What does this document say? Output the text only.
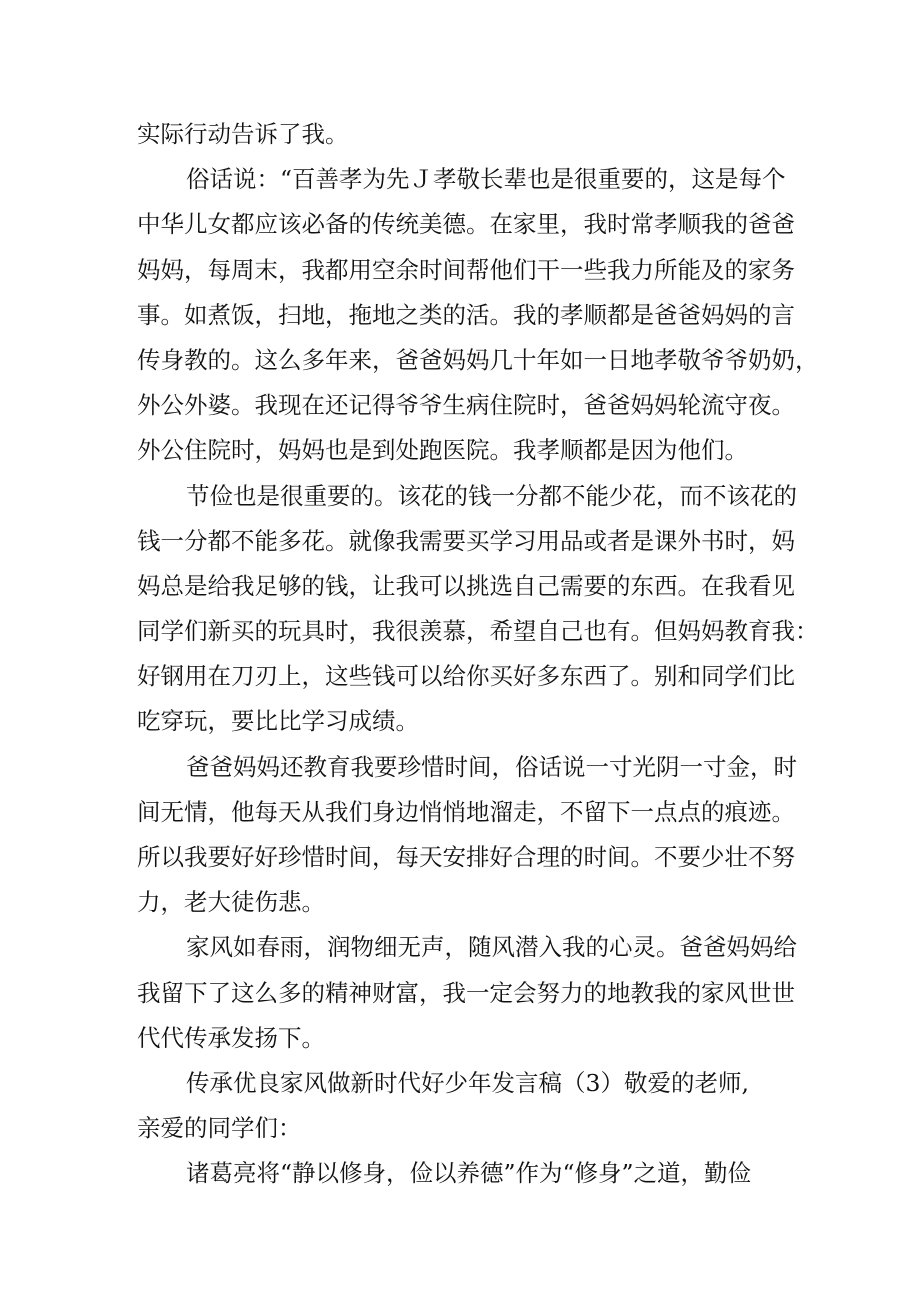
实际行动告诉了我。
俗话说：“百善孝为先Ｊ孝敬长辈也是很重要的，这是每个
中华儿女都应该必备的传统美德。在家里，我时常孝顺我的爸爸
妈妈，每周末，我都用空余时间帮他们干一些我力所能及的家务
事。如煮饭，扫地，拖地之类的活。我的孝顺都是爸爸妈妈的言
传身教的。这么多年来，爸爸妈妈几十年如一日地孝敬爷爷奶奶，
外公外婆。我现在还记得爷爷生病住院时，爸爸妈妈轮流守夜。
外公住院时，妈妈也是到处跑医院。我孝顺都是因为他们。
节俭也是很重要的。该花的钱一分都不能少花，而不该花的
钱一分都不能多花。就像我需要买学习用品或者是课外书时，妈
妈总是给我足够的钱，让我可以挑选自己需要的东西。在我看见
同学们新买的玩具时，我很羡慕，希望自己也有。但妈妈教育我：
好钢用在刀刃上，这些钱可以给你买好多东西了。别和同学们比
吃穿玩，要比比学习成绩。
爸爸妈妈还教育我要珍惜时间，俗话说一寸光阴一寸金，时
间无情，他每天从我们身边悄悄地溜走，不留下一点点的痕迹。
所以我要好好珍惜时间，每天安排好合理的时间。不要少壮不努
力，老大徒伤悲。
家风如春雨，润物细无声，随风潜入我的心灵。爸爸妈妈给
我留下了这么多的精神财富，我一定会努力的地教我的家风世世
代代传承发扬下。
传承优良家风做新时代好少年发言稿（3）敬爱的老师,
亲爱的同学们：
诸葛亮将“静以修身，俭以养德”作为“修身”之道，勤俭
